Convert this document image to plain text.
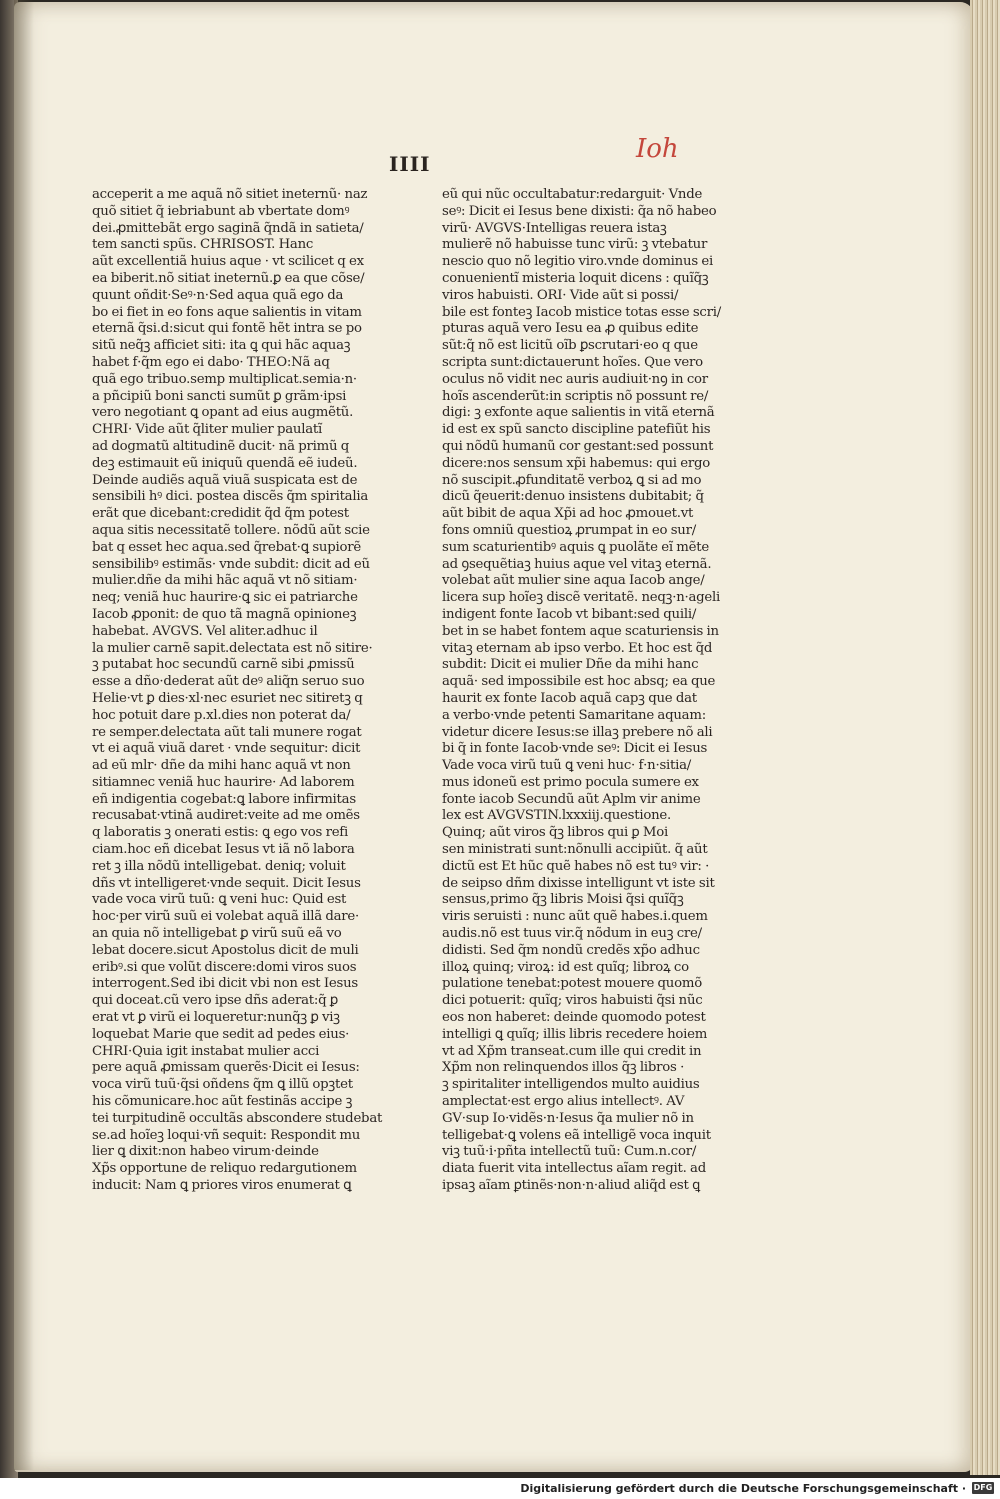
IIII	Ioh
acceperit a me aquã nõ sitiet ineternũ· naz
quõ sitiet q̃ iebriabunt ab vbertate domꝰ
dei.ꝓmittebãt ergo saginã q̃ndã in satieta/
tem sancti spũs. CHRISOST. Hanc
aũt excellentiã huius aque · vt scilicet q ex
ea biberit.nõ sitiat ineternũ.ꝑ ea que cõse/
quunt oñdit·Seꝰ·n·Sed aqua quã ego da
bo ei fiet in eo fons aque salientis in vitam
eternã q̃si.d:sicut qui fontẽ hẽt intra se po
sitũ neq̃ꝫ afficiet siti: ita ꝗ qui hãc aquaꝫ
habet f·q̃m ego ei dabo· THEO:Nã aq
quã ego tribuo.semp multiplicat.semia·n·
a pñcipiũ boni sancti sumũt ꝑ grãm·ipsi
vero negotiant ꝗ opant ad eius augmẽtũ.
CHRI· Vide aũt q̃liter mulier paulatĩ
ad dogmatũ altitudinẽ ducit· nã primũ q
deꝫ estimauit eũ iniquũ quendã eẽ iudeũ.
Deinde audiẽs aquã viuã suspicata est de
sensibili hꝰ dici. postea discẽs q̃m spiritalia
erãt que dicebant:credidit q̃d q̃m potest
aqua sitis necessitatẽ tollere. nõdũ aũt scie
bat q esset hec aqua.sed q̃rebat·ꝗ supiorẽ
sensibilibꝰ estimãs· vnde subdit: dicit ad eũ
mulier.dñe da mihi hãc aquã vt nõ sitiam·
neq; veniã huc haurire·ꝗ sic ei patriarche
Iacob ꝓponit: de quo tã magnã opinioneꝫ
habebat. AVGVS. Vel aliter.adhuc il
la mulier carnẽ sapit.delectata est nõ sitire·
ꝫ putabat hoc secundũ carnẽ sibi ꝓmissũ
esse a dño·dederat aũt deꝰ aliq̃n seruo suo
Helie·vt ꝑ dies·xl·nec esuriet nec sitiretꝫ q
hoc potuit dare p.xl.dies non poterat da/
re semper.delectata aũt tali munere rogat
vt ei aquã viuã daret · vnde sequitur: dicit
ad eũ mlr· dñe da mihi hanc aquã vt non
sitiamnec veniã huc haurire· Ad laborem
eñ indigentia cogebat:ꝗ labore infirmitas
recusabat·vtinã audiret:veite ad me omẽs
q laboratis ꝫ onerati estis: ꝗ ego vos refi
ciam.hoc eñ dicebat Iesus vt iã nõ labora
ret ꝫ illa nõdũ intelligebat. deniq; voluit
dñs vt intelligeret·vnde sequit. Dicit Iesus
vade voca virũ tuũ: ꝗ veni huc: Quid est
hoc·per virũ suũ ei volebat aquã illã dare·
an quia nõ intelligebat ꝑ virũ suũ eã vo
lebat docere.sicut Apostolus dicit de muli
eribꝰ.si que volũt discere:domi viros suos
interrogent.Sed ibi dicit vbi non est Iesus
qui doceat.cũ vero ipse dñs aderat:q̃ ꝑ
erat vt ꝑ virũ ei loqueretur:nunq̃ꝫ ꝑ viꝫ
loquebat Marie que sedit ad pedes eius·
CHRI·Quia igit instabat mulier acci
pere aquã ꝓmissam querẽs·Dicit ei Iesus:
voca virũ tuũ·q̃si oñdens q̃m ꝗ illũ opꝫtet
his cõmunicare.hoc aũt festinãs accipe ꝫ
tei turpitudinẽ occultãs abscondere studebat
se.ad hoĩeꝫ loqui·vñ sequit: Respondit mu
lier ꝗ dixit:non habeo virum·deinde
Xp̃s opportune de reliquo redargutionem
inducit: Nam ꝗ priores viros enumerat ꝗ
eũ qui nũc occultabatur:redarguit· Vnde
seꝰ: Dicit ei Iesus bene dixisti: q̃a nõ habeo
virũ· AVGVS·Intelligas reuera istaꝫ
mulierẽ nõ habuisse tunc virũ: ꝫ vtebatur
nescio quo nõ legitio viro.vnde dominus ei
conuenientĩ misteria loquit dicens : quĩq̃ꝫ
viros habuisti. ORI· Vide aũt si possi/
bile est fonteꝫ Iacob mistice totas esse scri/
pturas aquã vero Iesu ea ꝓ quibus edite
sũt:q̃ nõ est licitũ oĩb ꝑscrutari·eo q que
scripta sunt:dictauerunt hoĩes. Que vero
oculus nõ vidit nec auris audiuit·nꝯ in cor
hoĩs ascenderũt:in scriptis nõ possunt re/
digi: ꝫ exfonte aque salientis in vitã eternã
id est ex spũ sancto discipline patefiũt his
qui nõdũ humanũ cor gestant:sed possunt
dicere:nos sensum xp̃i habemus: qui ergo
nõ suscipit.ꝓfunditatẽ verboꝝ ꝗ si ad mo
dicũ q̃euerit:denuo insistens dubitabit; q̃
aũt bibit de aqua Xp̃i ad hoc ꝓmouet.vt
fons omniũ questioꝝ ꝓrumpat in eo sur/
sum scaturientibꝰ aquis ꝗ puolãte eĩ mẽte
ad ꝯsequẽtiaꝫ huius aque vel vitaꝫ eternã.
volebat aũt mulier sine aqua Iacob ange/
licera sup hoĩeꝫ discẽ veritatẽ. neqꝫ·n·ageli
indigent fonte Iacob vt bibant:sed quili/
bet in se habet fontem aque scaturiensis in
vitaꝫ eternam ab ipso verbo. Et hoc est q̃d
subdit: Dicit ei mulier Dñe da mihi hanc
aquã· sed impossibile est hoc absq; ea que
haurit ex fonte Iacob aquã capꝫ que dat
a verbo·vnde petenti Samaritane aquam:
videtur dicere Iesus:se illaꝫ prebere nõ ali
bi q̃ in fonte Iacob·vnde seꝰ: Dicit ei Iesus
Vade voca virũ tuũ ꝗ veni huc· f·n·sitia/
mus idoneũ est primo pocula sumere ex
fonte iacob Secundũ aũt Aplm vir anime
lex est AVGVSTIN.lxxxiij.questione.
Quinq; aũt viros q̃ꝫ libros qui ꝑ Moi
sen ministrati sunt:nõnulli accipiũt. q̃ aũt
dictũ est Et hũc quẽ habes nõ est tuꝰ vir: ·
de seipso dñm dixisse intelligunt vt iste sit
sensus,primo q̃ꝫ libris Moisi q̃si quĩq̃ꝫ
viris seruisti : nunc aũt quẽ habes.i.quem
audis.nõ est tuus vir.q̃ nõdum in euꝫ cre/
didisti. Sed q̃m nondũ credẽs xp̃o adhuc
illoꝝ quinq; viroꝝ: id est quĩq; libroꝝ co
pulatione tenebat:potest mouere quomõ
dici potuerit: quĩq; viros habuisti q̃si nũc
eos non haberet: deinde quomodo potest
intelligi ꝗ quĩq; illis libris recedere hoiem
vt ad Xp̃m transeat.cum ille qui credit in
Xp̃m non relinquendos illos q̃ꝫ libros ·
ꝫ spiritaliter intelligendos multo auidius
amplectat·est ergo alius intellectꝰ. AV
GV·sup Io·vidẽs·n·Iesus q̃a mulier nõ in
telligebat·ꝗ volens eã intelligẽ voca inquit
viꝫ tuũ·i·pñta intellectũ tuũ: Cum.n.cor/
diata fuerit vita intellectus aĩam regit. ad
ipsaꝫ aĩam ꝑtinẽs·non·n·aliud aliq̃d est ꝗ
Digitalisierung gefördert durch die Deutsche Forschungsgemeinschaft · DFG
